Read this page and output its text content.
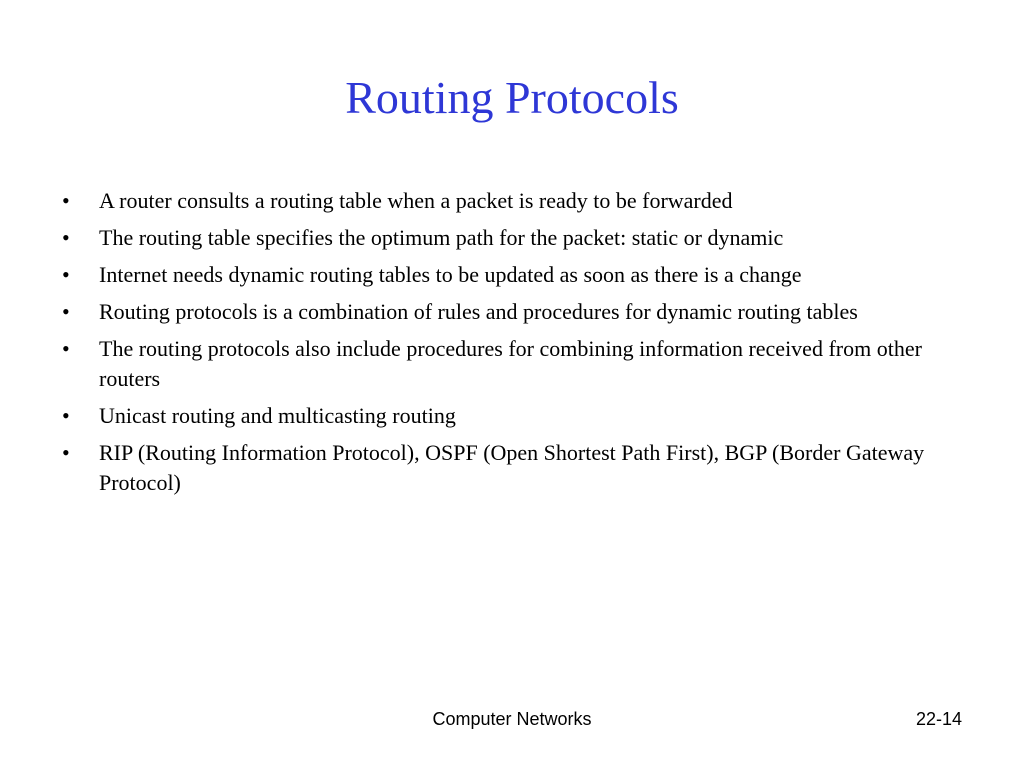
Routing Protocols
• A router consults a routing table when a packet is ready to be forwarded
• The routing table specifies the optimum path for the packet: static or dynamic
• Internet needs dynamic routing tables to be updated as soon as there is a change
• Routing protocols is a combination of rules and procedures for dynamic routing tables
• The routing protocols also include procedures for combining information received from other routers
• Unicast routing and multicasting routing
• RIP (Routing Information Protocol), OSPF (Open Shortest Path First), BGP (Border Gateway Protocol)
Computer Networks	22-14
